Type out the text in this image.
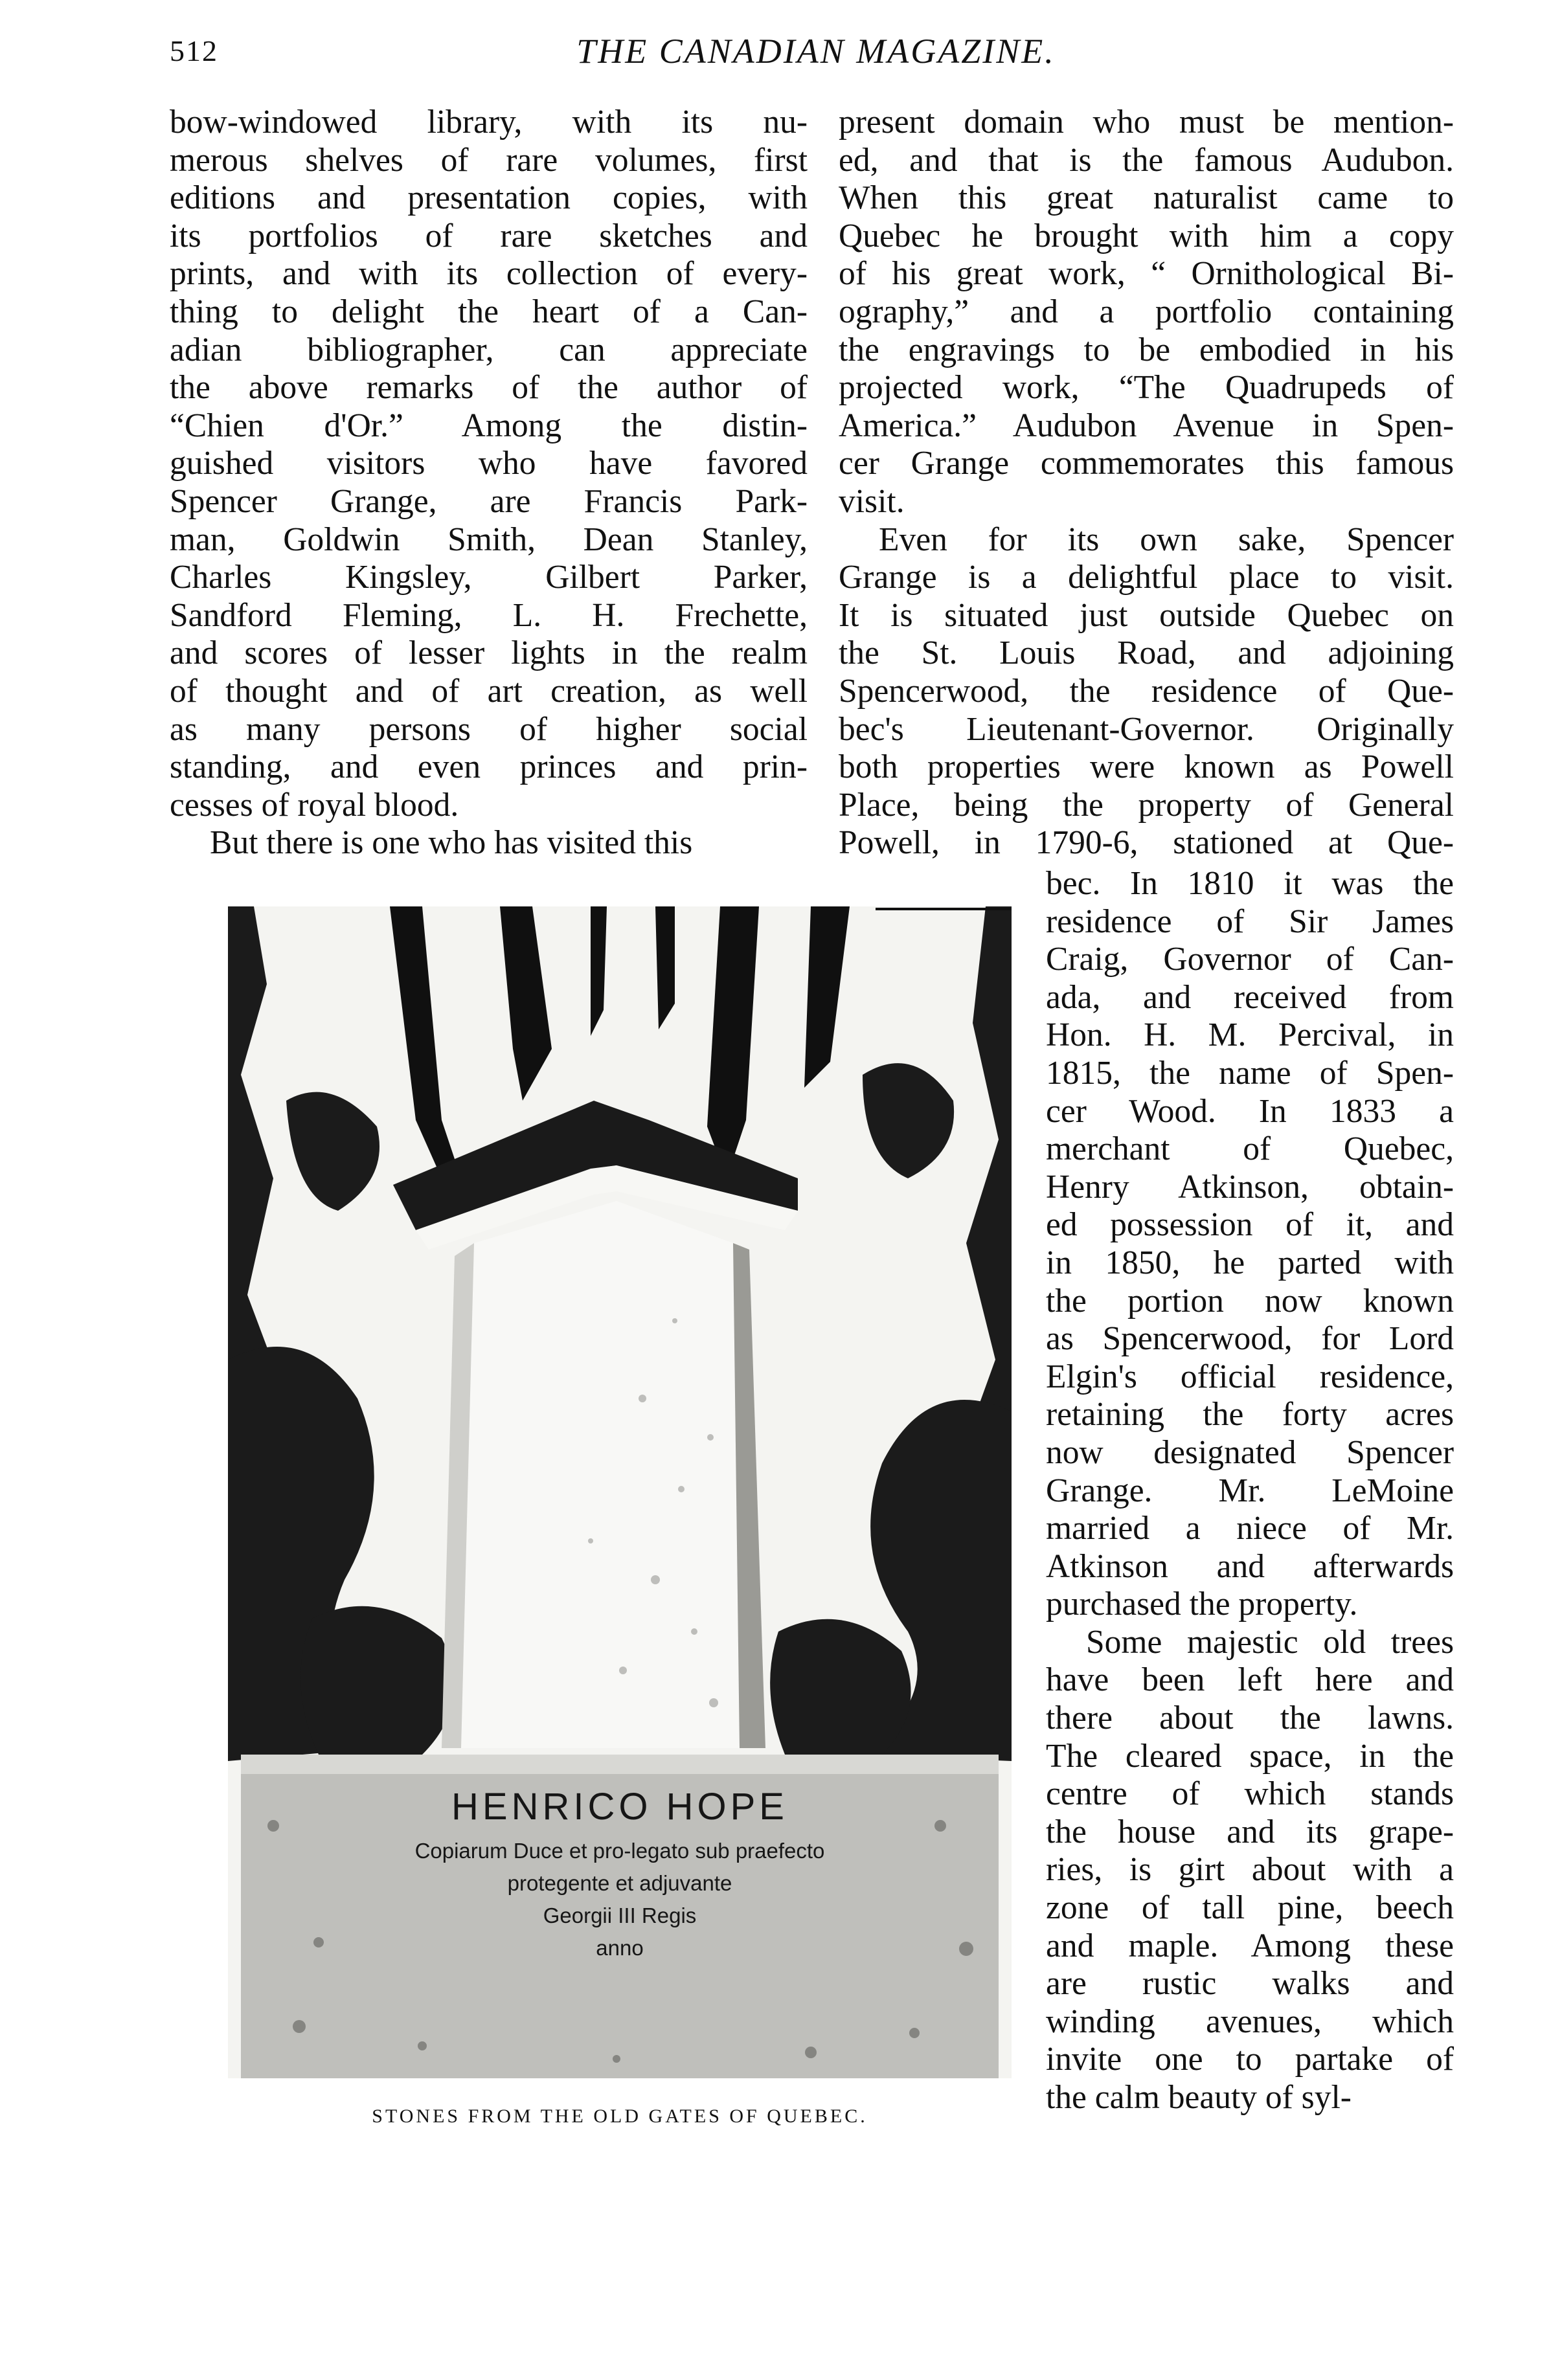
512	THE CANADIAN MAGAZINE.
bow-windowed library, with its nu-
merous shelves of rare volumes, first
editions and presentation copies, with
its portfolios of rare sketches and
prints, and with its collection of every-
thing to delight the heart of a Can-
adian bibliographer, can appreciate
the above remarks of the author of
“Chien d'Or.” Among the distin-
guished visitors who have favored
Spencer Grange, are Francis Park-
man, Goldwin Smith, Dean Stanley,
Charles Kingsley, Gilbert Parker,
Sandford Fleming, L. H. Frechette,
and scores of lesser lights in the realm
of thought and of art creation, as well
as many persons of higher social
standing, and even princes and prin-
cesses of royal blood.
But there is one who has visited this
present domain who must be mention-
ed, and that is the famous Audubon.
When this great naturalist came to
Quebec he brought with him a copy
of his great work, “ Ornithological Bi-
ography,” and a portfolio containing
the engravings to be embodied in his
projected work, “The Quadrupeds of
America.” Audubon Avenue in Spen-
cer Grange commemorates this famous
visit.
Even for its own sake, Spencer
Grange is a delightful place to visit.
It is situated just outside Quebec on
the St. Louis Road, and adjoining
Spencerwood, the residence of Que-
bec's Lieutenant-Governor. Originally
both properties were known as Powell
Place, being the property of General
Powell, in 1790-6, stationed at Que-
bec. In 1810 it was the
residence of Sir James
Craig, Governor of Can-
ada, and received from
Hon. H. M. Percival, in
1815, the name of Spen-
cer Wood. In 1833 a
merchant of Quebec,
Henry Atkinson, obtain-
ed possession of it, and
in 1850, he parted with
the portion now known
as Spencerwood, for Lord
Elgin's official residence,
retaining the forty acres
now designated Spencer
Grange. Mr. LeMoine
married a niece of Mr.
Atkinson and afterwards
purchased the property.
Some majestic old trees
have been left here and
there about the lawns.
The cleared space, in the
centre of which stands
the house and its grape-
ries, is girt about with a
zone of tall pine, beech
and maple. Among these
are rustic walks and
winding avenues, which
invite one to partake of
the calm beauty of syl-
HENRICO HOPE
Copiarum Duce et pro-legato sub praefecto
protegente et adjuvante
Georgii III Regis
anno
STONES FROM THE OLD GATES OF QUEBEC.
